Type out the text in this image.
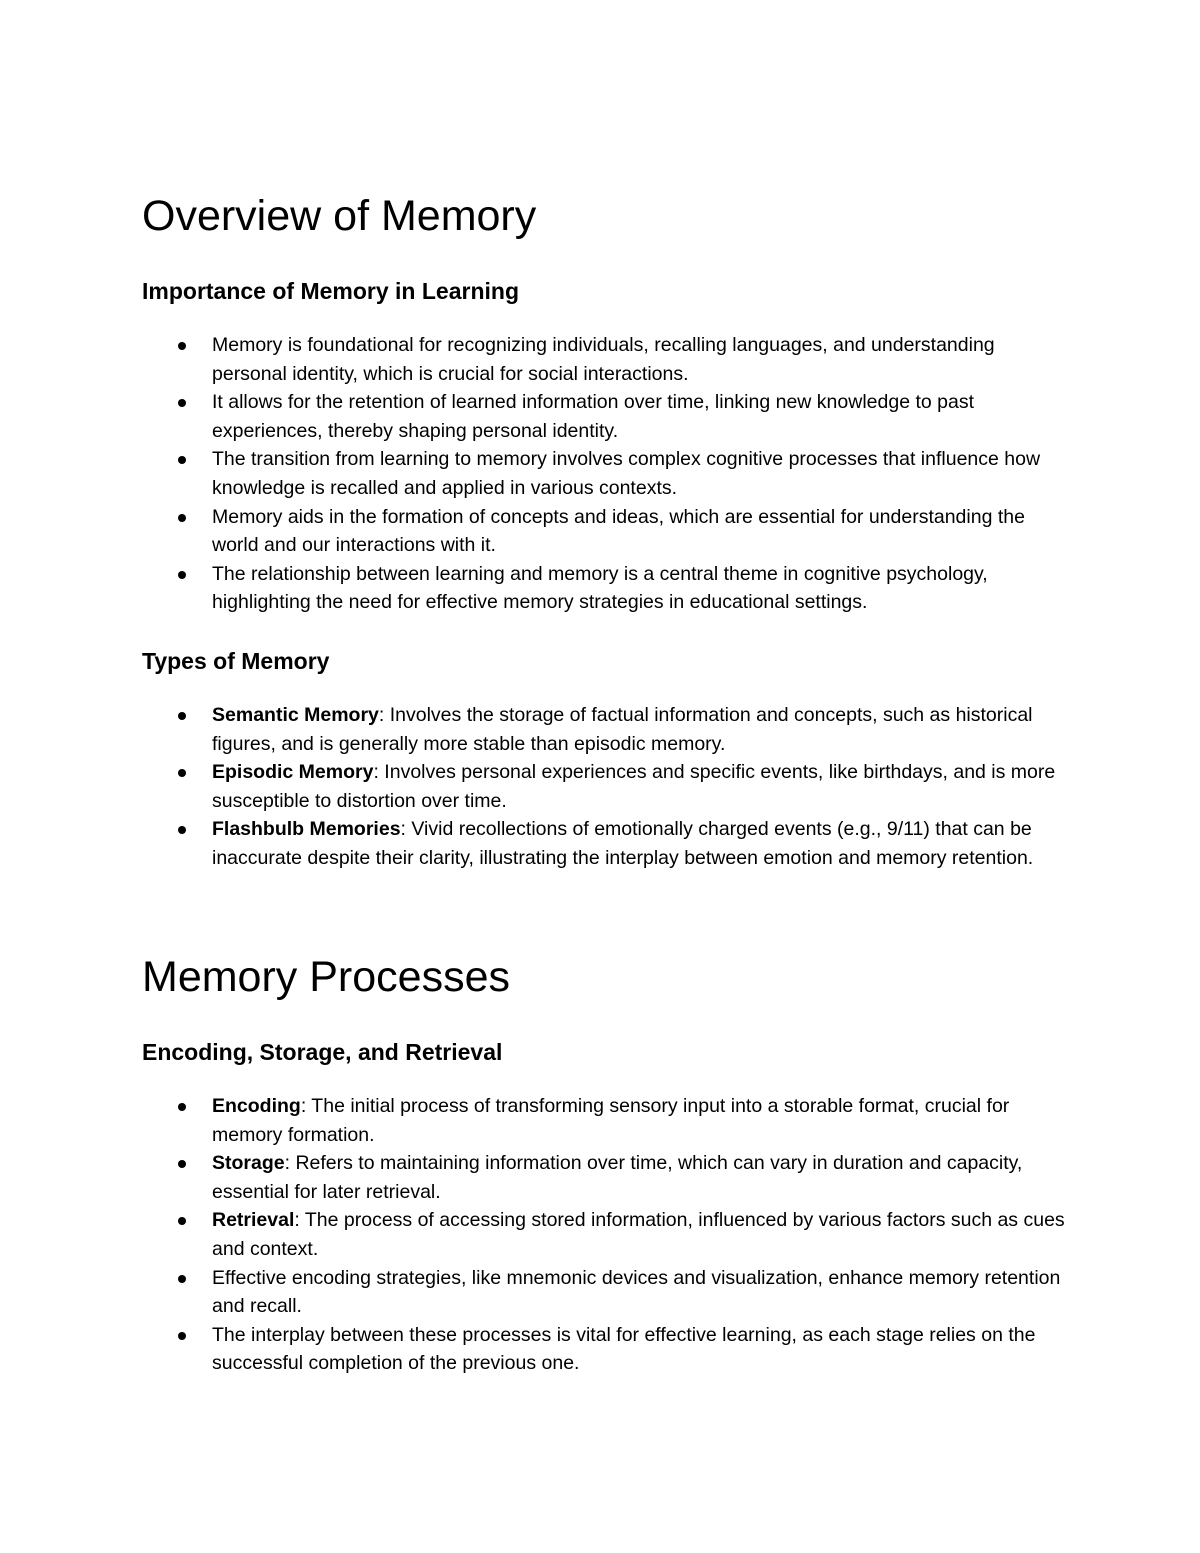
Overview of Memory
Importance of Memory in Learning
Memory is foundational for recognizing individuals, recalling languages, and understanding personal identity, which is crucial for social interactions.
It allows for the retention of learned information over time, linking new knowledge to past experiences, thereby shaping personal identity.
The transition from learning to memory involves complex cognitive processes that influence how knowledge is recalled and applied in various contexts.
Memory aids in the formation of concepts and ideas, which are essential for understanding the world and our interactions with it.
The relationship between learning and memory is a central theme in cognitive psychology, highlighting the need for effective memory strategies in educational settings.
Types of Memory
Semantic Memory: Involves the storage of factual information and concepts, such as historical figures, and is generally more stable than episodic memory.
Episodic Memory: Involves personal experiences and specific events, like birthdays, and is more susceptible to distortion over time.
Flashbulb Memories: Vivid recollections of emotionally charged events (e.g., 9/11) that can be inaccurate despite their clarity, illustrating the interplay between emotion and memory retention.
Memory Processes
Encoding, Storage, and Retrieval
Encoding: The initial process of transforming sensory input into a storable format, crucial for memory formation.
Storage: Refers to maintaining information over time, which can vary in duration and capacity, essential for later retrieval.
Retrieval: The process of accessing stored information, influenced by various factors such as cues and context.
Effective encoding strategies, like mnemonic devices and visualization, enhance memory retention and recall.
The interplay between these processes is vital for effective learning, as each stage relies on the successful completion of the previous one.
